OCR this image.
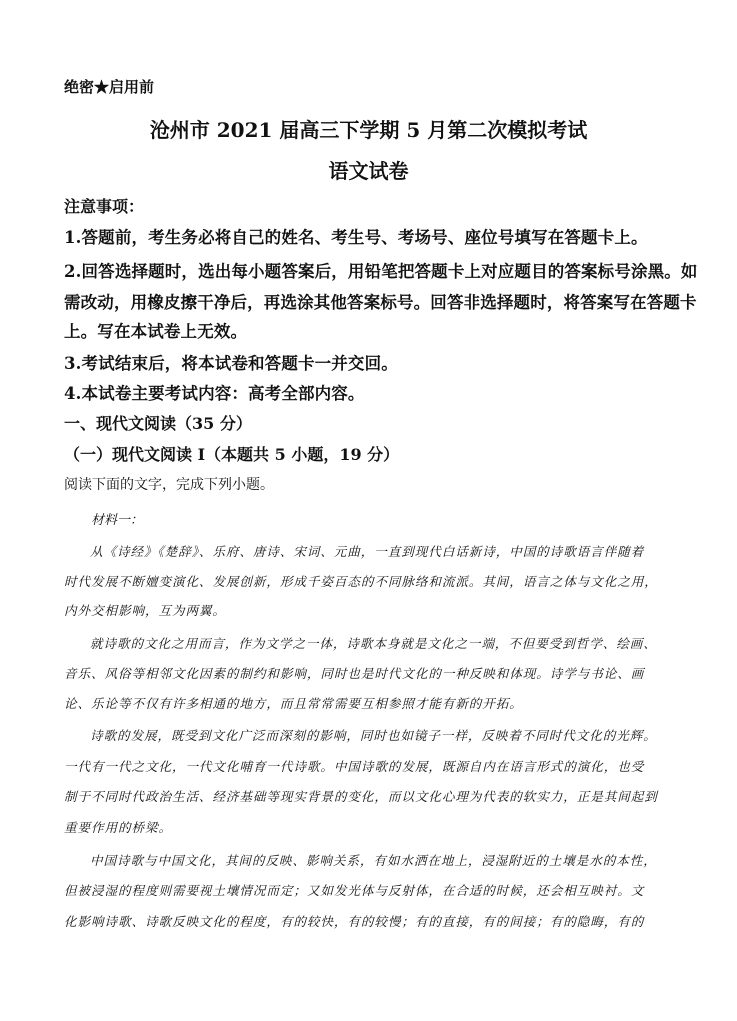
绝密★启用前
沧州市 2021 届高三下学期 5 月第二次模拟考试
语文试卷
注意事项：
1.答题前，考生务必将自己的姓名、考生号、考场号、座位号填写在答题卡上。
2.回答选择题时，选出每小题答案后，用铅笔把答题卡上对应题目的答案标号涂黑。如
需改动，用橡皮擦干净后，再选涂其他答案标号。回答非选择题时，将答案写在答题卡
上。写在本试卷上无效。
3.考试结束后，将本试卷和答题卡一并交回。
4.本试卷主要考试内容：高考全部内容。
一、现代文阅读（35 分）
（一）现代文阅读 I（本题共 5 小题，19 分）
阅读下面的文字，完成下列小题。
材料一：
从《诗经》《楚辞》、乐府、唐诗、宋词、元曲，一直到现代白话新诗，中国的诗歌语言伴随着
时代发展不断嬗变演化、发展创新，形成千姿百态的不同脉络和流派。其间，语言之体与文化之用，
内外交相影响，互为两翼。
就诗歌的文化之用而言，作为文学之一体，诗歌本身就是文化之一端，不但要受到哲学、绘画、
音乐、风俗等相邻文化因素的制约和影响，同时也是时代文化的一种反映和体现。诗学与书论、画
论、乐论等不仅有许多相通的地方，而且常常需要互相参照才能有新的开拓。
诗歌的发展，既受到文化广泛而深刻的影响，同时也如镜子一样，反映着不同时代文化的光辉。
一代有一代之文化，一代文化哺育一代诗歌。中国诗歌的发展，既源自内在语言形式的演化，也受
制于不同时代政治生活、经济基础等现实背景的变化，而以文化心理为代表的软实力，正是其间起到
重要作用的桥梁。
中国诗歌与中国文化，其间的反映、影响关系，有如水洒在地上，浸湿附近的土壤是水的本性，
但被浸湿的程度则需要视土壤情况而定；又如发光体与反射体，在合适的时候，还会相互映衬。文
化影响诗歌、诗歌反映文化的程度，有的较快，有的较慢；有的直接，有的间接；有的隐晦，有的
